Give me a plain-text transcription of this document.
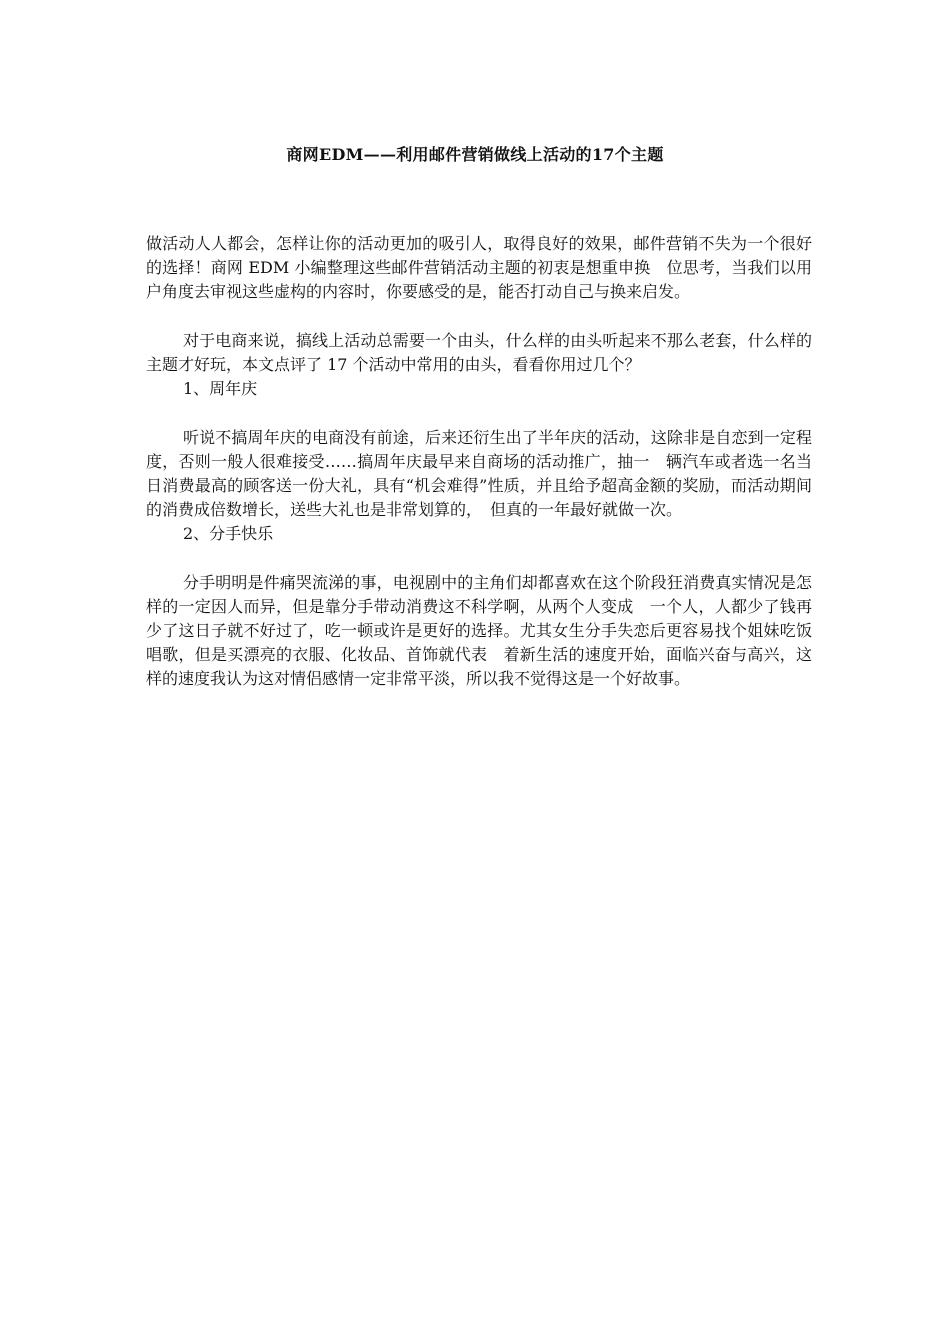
商网EDM——利用邮件营销做线上活动的17个主题

做活动人人都会，怎样让你的活动更加的吸引人，取得良好的效果，邮件营销不失为一个很好的选择！商网 EDM 小编整理这些邮件营销活动主题的初衷是想重申换　位思考，当我们以用户角度去审视这些虚构的内容时，你要感受的是，能否打动自己与换来启发。

对于电商来说，搞线上活动总需要一个由头，什么样的由头听起来不那么老套，什么样的主题才好玩，本文点评了 17 个活动中常用的由头，看看你用过几个？

1、周年庆

听说不搞周年庆的电商没有前途，后来还衍生出了半年庆的活动，这除非是自恋到一定程度，否则一般人很难接受……搞周年庆最早来自商场的活动推广，抽一　辆汽车或者选一名当日消费最高的顾客送一份大礼，具有“机会难得”性质，并且给予超高金额的奖励，而活动期间的消费成倍数增长，送些大礼也是非常划算的，　但真的一年最好就做一次。

2、分手快乐

分手明明是件痛哭流涕的事，电视剧中的主角们却都喜欢在这个阶段狂消费真实情况是怎样的一定因人而异，但是靠分手带动消费这不科学啊，从两个人变成　一个人，人都少了钱再少了这日子就不好过了，吃一顿或许是更好的选择。尤其女生分手失恋后更容易找个姐妹吃饭唱歌，但是买漂亮的衣服、化妆品、首饰就代表　着新生活的速度开始，面临兴奋与高兴，这样的速度我认为这对情侣感情一定非常平淡，所以我不觉得这是一个好故事。
